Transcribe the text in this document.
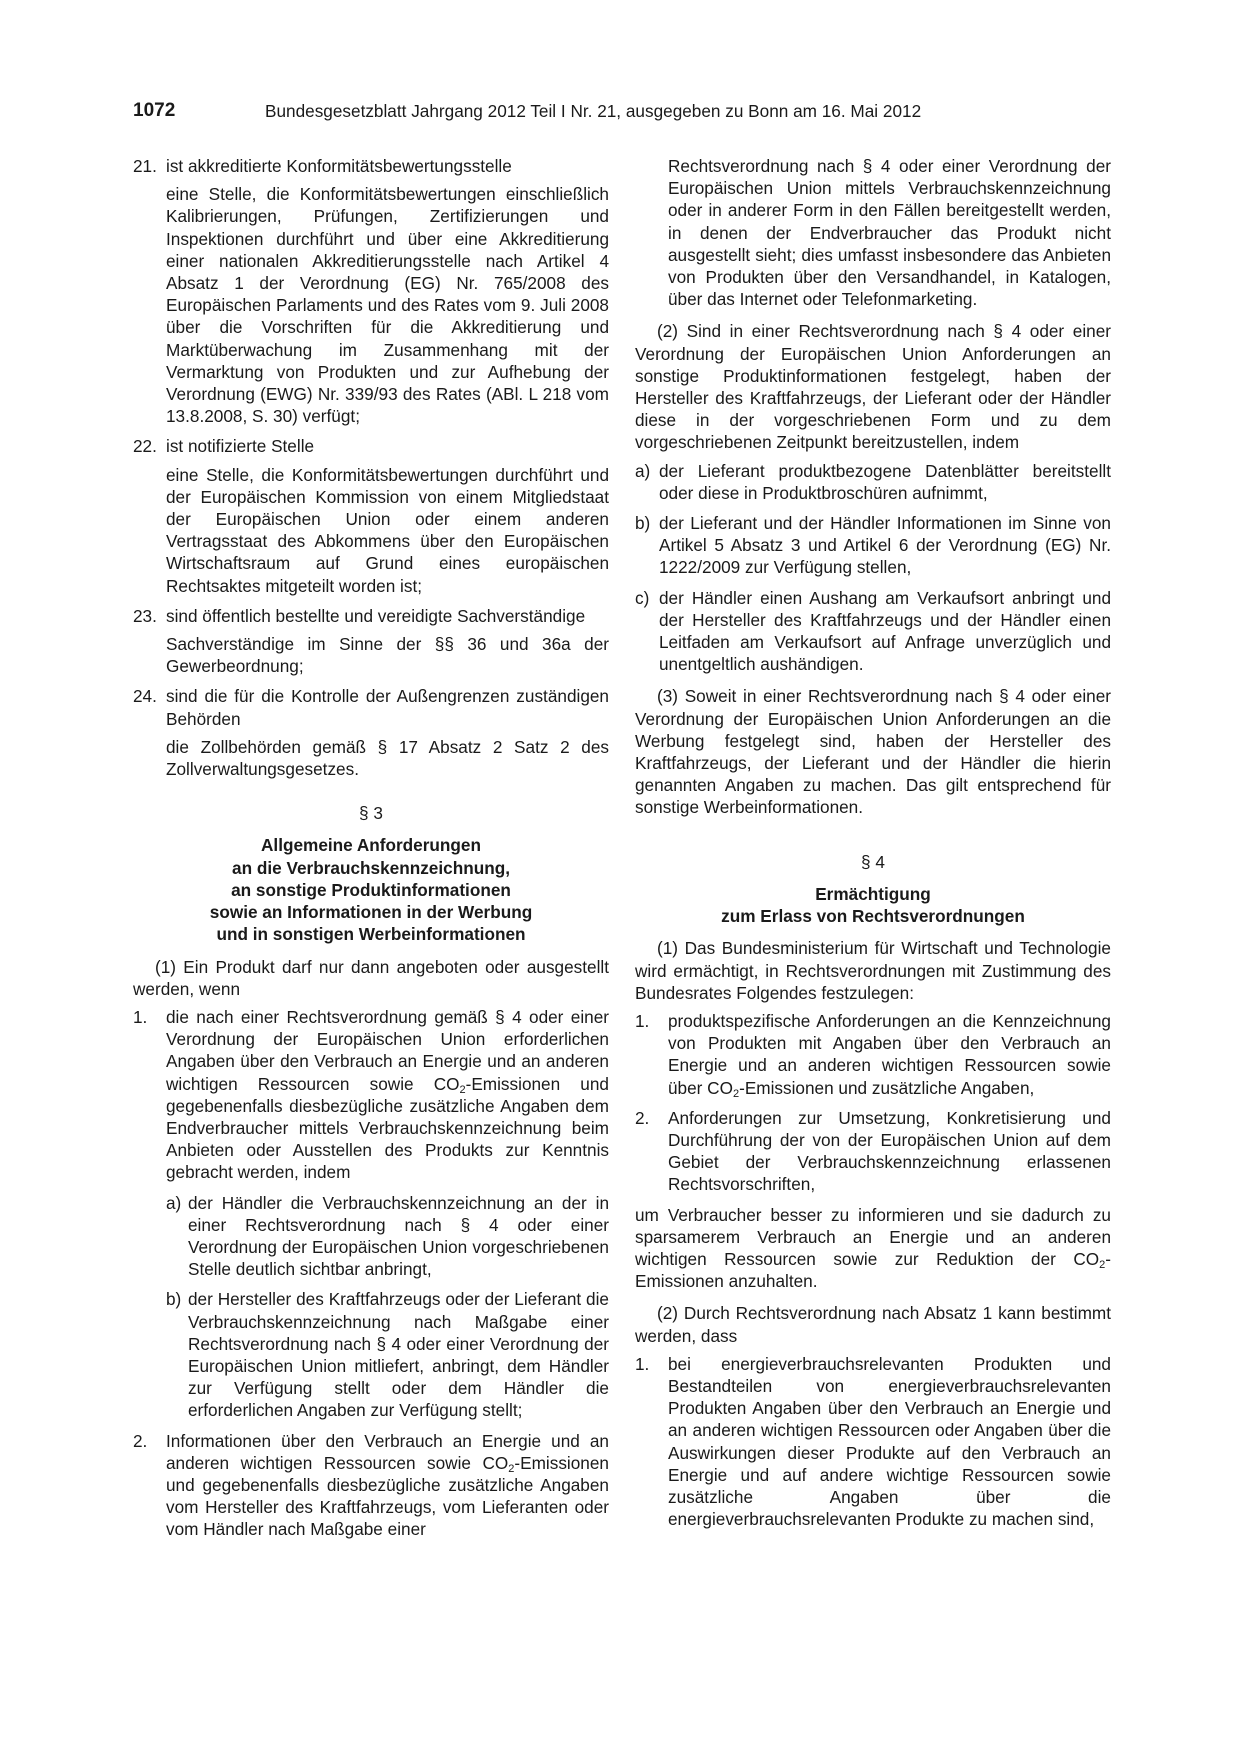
1072	Bundesgesetzblatt Jahrgang 2012 Teil I Nr. 21, ausgegeben zu Bonn am 16. Mai 2012
21. ist akkreditierte Konformitätsbewertungsstelle

eine Stelle, die Konformitätsbewertungen einschließlich Kalibrierungen, Prüfungen, Zertifizierungen und Inspektionen durchführt und über eine Akkreditierung einer nationalen Akkreditierungsstelle nach Artikel 4 Absatz 1 der Verordnung (EG) Nr. 765/2008 des Europäischen Parlaments und des Rates vom 9. Juli 2008 über die Vorschriften für die Akkreditierung und Marktüberwachung im Zusammenhang mit der Vermarktung von Produkten und zur Aufhebung der Verordnung (EWG) Nr. 339/93 des Rates (ABl. L 218 vom 13.8.2008, S. 30) verfügt;

22. ist notifizierte Stelle

eine Stelle, die Konformitätsbewertungen durchführt und der Europäischen Kommission von einem Mitgliedstaat der Europäischen Union oder einem anderen Vertragsstaat des Abkommens über den Europäischen Wirtschaftsraum auf Grund eines europäischen Rechtsaktes mitgeteilt worden ist;

23. sind öffentlich bestellte und vereidigte Sachverständige

Sachverständige im Sinne der §§ 36 und 36a der Gewerbeordnung;

24. sind die für die Kontrolle der Außengrenzen zuständigen Behörden

die Zollbehörden gemäß § 17 Absatz 2 Satz 2 des Zollverwaltungsgesetzes.

§ 3

Allgemeine Anforderungen
an die Verbrauchskennzeichnung,
an sonstige Produktinformationen
sowie an Informationen in der Werbung
und in sonstigen Werbeinformationen

(1) Ein Produkt darf nur dann angeboten oder ausgestellt werden, wenn

1. die nach einer Rechtsverordnung gemäß § 4 oder einer Verordnung der Europäischen Union erforderlichen Angaben über den Verbrauch an Energie und an anderen wichtigen Ressourcen sowie $CO_2$-Emissionen und gegebenenfalls diesbezügliche zusätzliche Angaben dem Endverbraucher mittels Verbrauchskennzeichnung beim Anbieten oder Ausstellen des Produkts zur Kenntnis gebracht werden, indem

a) der Händler die Verbrauchskennzeichnung an der in einer Rechtsverordnung nach § 4 oder einer Verordnung der Europäischen Union vorgeschriebenen Stelle deutlich sichtbar anbringt,

b) der Hersteller des Kraftfahrzeugs oder der Lieferant die Verbrauchskennzeichnung nach Maßgabe einer Rechtsverordnung nach § 4 oder einer Verordnung der Europäischen Union mitliefert, anbringt, dem Händler zur Verfügung stellt oder dem Händler die erforderlichen Angaben zur Verfügung stellt;

2. Informationen über den Verbrauch an Energie und an anderen wichtigen Ressourcen sowie $CO_2$-Emissionen und gegebenenfalls diesbezügliche zusätzliche Angaben vom Hersteller des Kraftfahrzeugs, vom Lieferanten oder vom Händler nach Maßgabe einer

Rechtsverordnung nach § 4 oder einer Verordnung der Europäischen Union mittels Verbrauchskennzeichnung oder in anderer Form in den Fällen bereitgestellt werden, in denen der Endverbraucher das Produkt nicht ausgestellt sieht; dies umfasst insbesondere das Anbieten von Produkten über den Versandhandel, in Katalogen, über das Internet oder Telefonmarketing.

(2) Sind in einer Rechtsverordnung nach § 4 oder einer Verordnung der Europäischen Union Anforderungen an sonstige Produktinformationen festgelegt, haben der Hersteller des Kraftfahrzeugs, der Lieferant oder der Händler diese in der vorgeschriebenen Form und zu dem vorgeschriebenen Zeitpunkt bereitzustellen, indem

a) der Lieferant produktbezogene Datenblätter bereitstellt oder diese in Produktbroschüren aufnimmt,

b) der Lieferant und der Händler Informationen im Sinne von Artikel 5 Absatz 3 und Artikel 6 der Verordnung (EG) Nr. 1222/2009 zur Verfügung stellen,

c) der Händler einen Aushang am Verkaufsort anbringt und der Hersteller des Kraftfahrzeugs und der Händler einen Leitfaden am Verkaufsort auf Anfrage unverzüglich und unentgeltlich aushändigen.

(3) Soweit in einer Rechtsverordnung nach § 4 oder einer Verordnung der Europäischen Union Anforderungen an die Werbung festgelegt sind, haben der Hersteller des Kraftfahrzeugs, der Lieferant und der Händler die hierin genannten Angaben zu machen. Das gilt entsprechend für sonstige Werbeinformationen.

§ 4

Ermächtigung
zum Erlass von Rechtsverordnungen

(1) Das Bundesministerium für Wirtschaft und Technologie wird ermächtigt, in Rechtsverordnungen mit Zustimmung des Bundesrates Folgendes festzulegen:

1. produktspezifische Anforderungen an die Kennzeichnung von Produkten mit Angaben über den Verbrauch an Energie und an anderen wichtigen Ressourcen sowie über $CO_2$-Emissionen und zusätzliche Angaben,

2. Anforderungen zur Umsetzung, Konkretisierung und Durchführung der von der Europäischen Union auf dem Gebiet der Verbrauchskennzeichnung erlassenen Rechtsvorschriften,

um Verbraucher besser zu informieren und sie dadurch zu sparsamerem Verbrauch an Energie und an anderen wichtigen Ressourcen sowie zur Reduktion der $CO_2$-Emissionen anzuhalten.

(2) Durch Rechtsverordnung nach Absatz 1 kann bestimmt werden, dass

1. bei energieverbrauchsrelevanten Produkten und Bestandteilen von energieverbrauchsrelevanten Produkten Angaben über den Verbrauch an Energie und an anderen wichtigen Ressourcen oder Angaben über die Auswirkungen dieser Produkte auf den Verbrauch an Energie und auf andere wichtige Ressourcen sowie zusätzliche Angaben über die energieverbrauchsrelevanten Produkte zu machen sind,
